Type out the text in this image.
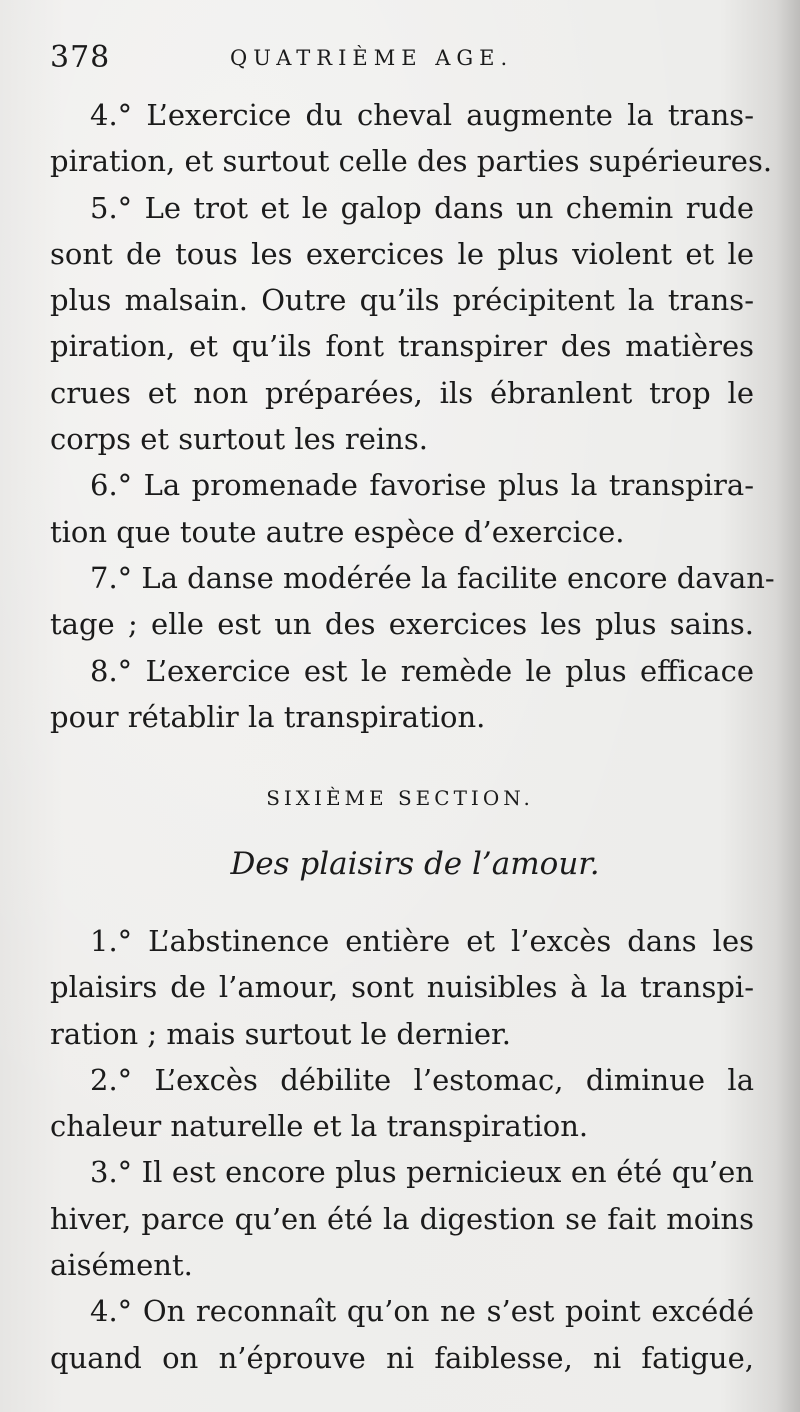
378	QUATRIÈME AGE.
4.° L’exercice du cheval augmente la trans-
piration, et surtout celle des parties supérieures.
5.° Le trot et le galop dans un chemin rude
sont de tous les exercices le plus violent et le
plus malsain. Outre qu’ils précipitent la trans-
piration, et qu’ils font transpirer des matières
crues et non préparées, ils ébranlent trop le
corps et surtout les reins.
6.° La promenade favorise plus la transpira-
tion que toute autre espèce d’exercice.
7.° La danse modérée la facilite encore davan-
tage ; elle est un des exercices les plus sains.
8.° L’exercice est le remède le plus efficace
pour rétablir la transpiration.
SIXIÈME SECTION.
Des plaisirs de l’amour.
1.° L’abstinence entière et l’excès dans les
plaisirs de l’amour, sont nuisibles à la transpi-
ration ; mais surtout le dernier.
2.° L’excès débilite l’estomac, diminue la
chaleur naturelle et la transpiration.
3.° Il est encore plus pernicieux en été qu’en
hiver, parce qu’en été la digestion se fait moins
aisément.
4.° On reconnaît qu’on ne s’est point excédé
quand on n’éprouve ni faiblesse, ni fatigue,
